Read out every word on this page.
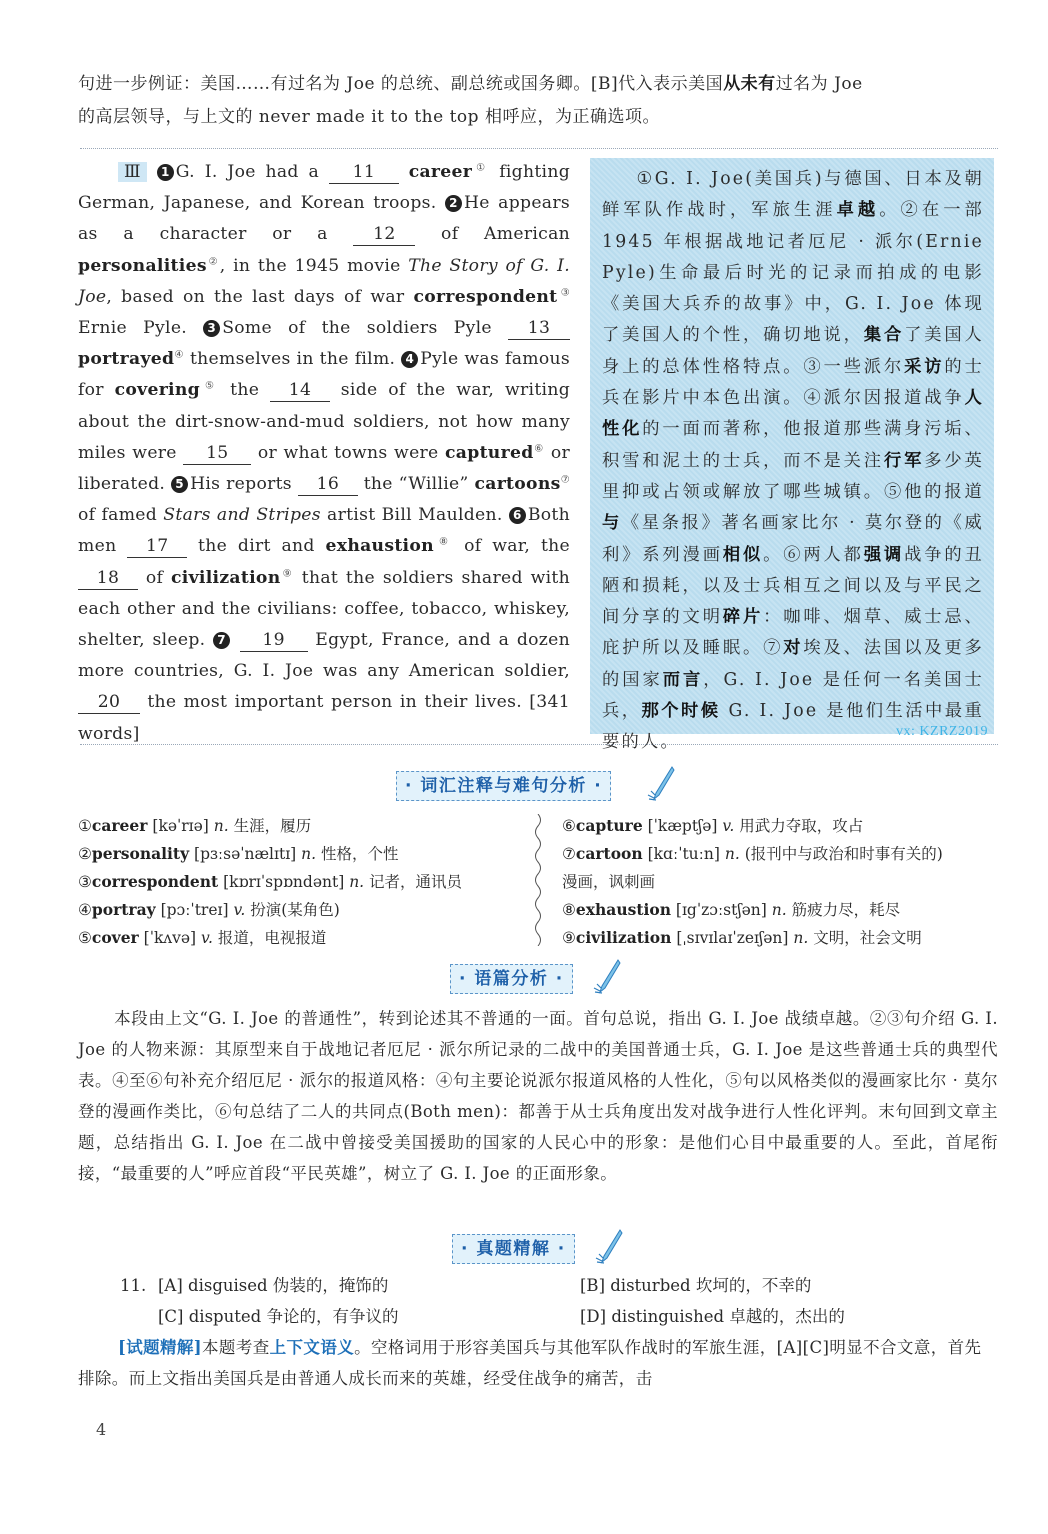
句进一步例证：美国……有过名为 Joe 的总统、副总统或国务卿。[B]代入表示美国从未有过名为 Joe
的高层领导，与上文的 never made it to the top 相呼应，为正确选项。
Ⅲ 1 G. I. Joe had a 11 career① fighting German, Japanese, and Korean troops. 2 He appears as a character or a 12 of American personalities②, in the 1945 movie The Story of G. I. Joe, based on the last days of war correspondent③ Ernie Pyle. 3 Some of the soldiers Pyle 13 portrayed④ themselves in the film. 4 Pyle was famous for covering⑤ the 14 side of the war, writing about the dirt-snow-and-mud soldiers, not how many miles were 15 or what towns were captured⑥ or liberated. 5 His reports 16 the “Willie” cartoons⑦ of famed Stars and Stripes artist Bill Maulden. 6 Both men 17 the dirt and exhaustion⑧ of war, the 18 of civilization⑨ that the soldiers shared with each other and the civilians: coffee, tobacco, whiskey, shelter, sleep. 7 19 Egypt, France, and a dozen more countries, G. I. Joe was any American soldier, 20 the most important person in their lives. [341 words]
①G. I. Joe(美国兵)与德国、日本及朝鲜军队作战时，军旅生涯卓越。②在一部 1945 年根据战地记者厄尼 · 派尔(Ernie Pyle)生命最后时光的记录而拍成的电影《美国大兵乔的故事》中，G. I. Joe 体现了美国人的个性，确切地说，集合了美国人身上的总体性格特点。③一些派尔采访的士兵在影片中本色出演。④派尔因报道战争人性化的一面而著称，他报道那些满身污垢、积雪和泥土的士兵，而不是关注行军多少英里抑或占领或解放了哪些城镇。⑤他的报道与《星条报》著名画家比尔 · 莫尔登的《威利》系列漫画相似。⑥两人都强调战争的丑陋和损耗，以及士兵相互之间以及与平民之间分享的文明碎片：咖啡、烟草、威士忌、庇护所以及睡眠。⑦对埃及、法国以及更多的国家而言，G. I. Joe 是任何一名美国士兵，那个时候 G. I. Joe 是他们生活中最重要的人。
vx: KZRZ2019
· 词汇注释与难句分析 ·
①career [kəˈrɪə] n. 生涯，履历
②personality [pɜːsəˈnælɪtɪ] n. 性格，个性
③correspondent [kɒrɪˈspɒndənt] n. 记者，通讯员
④portray [pɔːˈtreɪ] v. 扮演(某角色)
⑤cover [ˈkʌvə] v. 报道，电视报道
⑥capture [ˈkæptʃə] v. 用武力夺取，攻占
⑦cartoon [kɑːˈtuːn] n. (报刊中与政治和时事有关的)
漫画，讽刺画
⑧exhaustion [ɪgˈzɔːstʃən] n. 筋疲力尽，耗尽
⑨civilization [ˌsɪvɪlaɪˈzeɪʃən] n. 文明，社会文明
· 语篇分析 ·
本段由上文“G. I. Joe 的普通性”，转到论述其不普通的一面。首句总说，指出 G. I. Joe 战绩卓越。②③句介绍 G. I. Joe 的人物来源：其原型来自于战地记者厄尼 · 派尔所记录的二战中的美国普通士兵，G. I. Joe 是这些普通士兵的典型代表。④至⑥句补充介绍厄尼 · 派尔的报道风格：④句主要论说派尔报道风格的人性化，⑤句以风格类似的漫画家比尔 · 莫尔登的漫画作类比，⑥句总结了二人的共同点(Both men)：都善于从士兵角度出发对战争进行人性化评判。末句回到文章主题，总结指出 G. I. Joe 在二战中曾接受美国援助的国家的人民心中的形象：是他们心目中最重要的人。至此，首尾衔接，“最重要的人”呼应首段“平民英雄”，树立了 G. I. Joe 的正面形象。
· 真题精解 ·
11. [A] disguised 伪装的，掩饰的	[B] disturbed 坎坷的，不幸的
[C] disputed 争论的，有争议的	[D] distinguished 卓越的，杰出的
[试题精解]本题考查上下文语义。空格词用于形容美国兵与其他军队作战时的军旅生涯，[A][C]明显不合文意，首先排除。而上文指出美国兵是由普通人成长而来的英雄，经受住战争的痛苦，击
4
